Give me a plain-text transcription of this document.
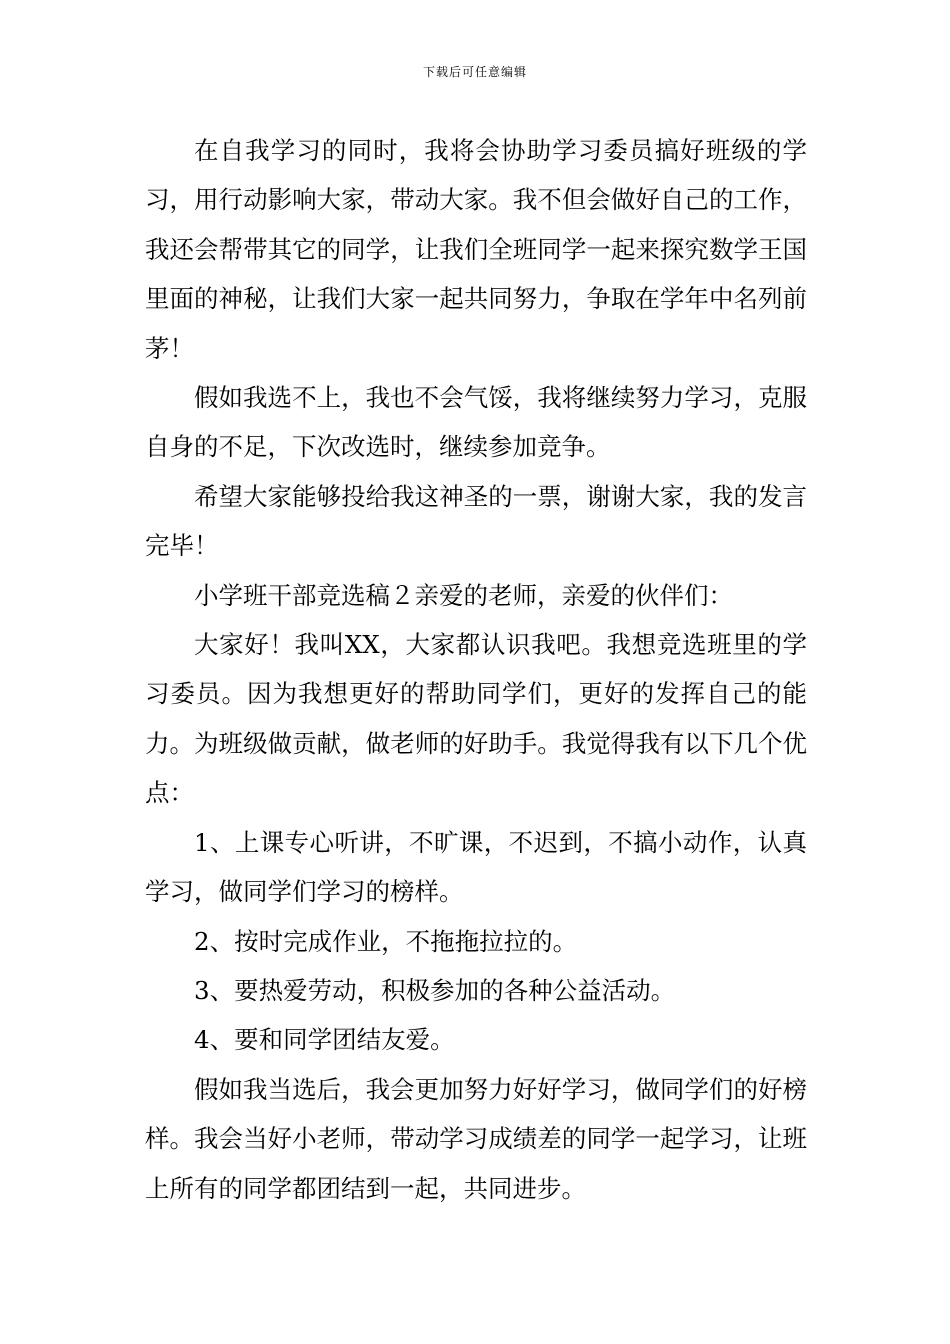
下载后可任意编辑

在自我学习的同时，我将会协助学习委员搞好班级的学习，用行动影响大家，带动大家。我不但会做好自己的工作，我还会帮带其它的同学，让我们全班同学一起来探究数学王国里面的神秘，让我们大家一起共同努力，争取在学年中名列前茅！

假如我选不上，我也不会气馁，我将继续努力学习，克服自身的不足，下次改选时，继续参加竞争。

希望大家能够投给我这神圣的一票，谢谢大家，我的发言完毕！

小学班干部竞选稿２亲爱的老师，亲爱的伙伴们：

大家好！我叫XX，大家都认识我吧。我想竞选班里的学习委员。因为我想更好的帮助同学们，更好的发挥自己的能力。为班级做贡献，做老师的好助手。我觉得我有以下几个优点：

1、上课专心听讲，不旷课，不迟到，不搞小动作，认真学习，做同学们学习的榜样。

2、按时完成作业，不拖拖拉拉的。

3、要热爱劳动，积极参加的各种公益活动。

4、要和同学团结友爱。

假如我当选后，我会更加努力好好学习，做同学们的好榜样。我会当好小老师，带动学习成绩差的同学一起学习，让班上所有的同学都团结到一起，共同进步。
